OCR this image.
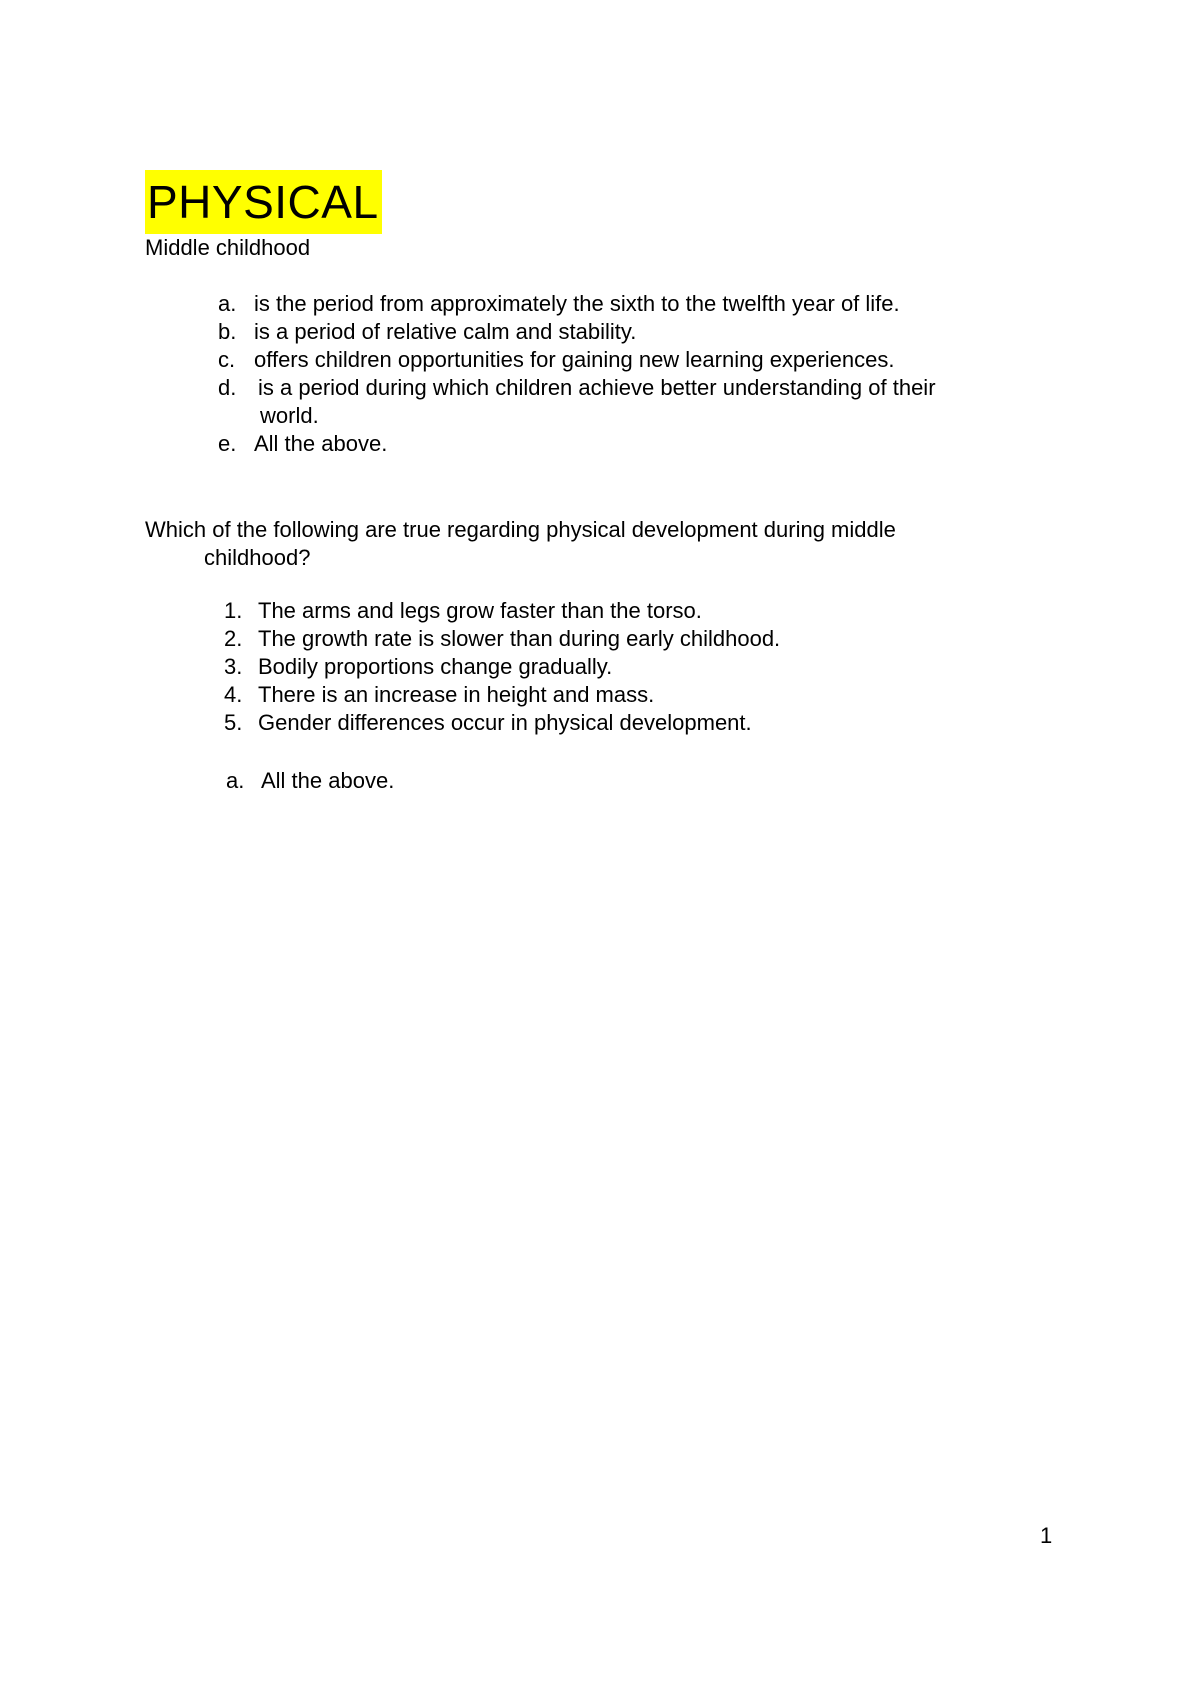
PHYSICAL
Middle childhood
a. is the period from approximately the sixth to the twelfth year of life.
b. is a period of relative calm and stability.
c. offers children opportunities for gaining new learning experiences.
d. is a period during which children achieve better understanding of their
world.
e. All the above.
Which of the following are true regarding physical development during middle
childhood?
1. The arms and legs grow faster than the torso.
2. The growth rate is slower than during early childhood.
3. Bodily proportions change gradually.
4. There is an increase in height and mass.
5. Gender differences occur in physical development.
a. All the above.
1
